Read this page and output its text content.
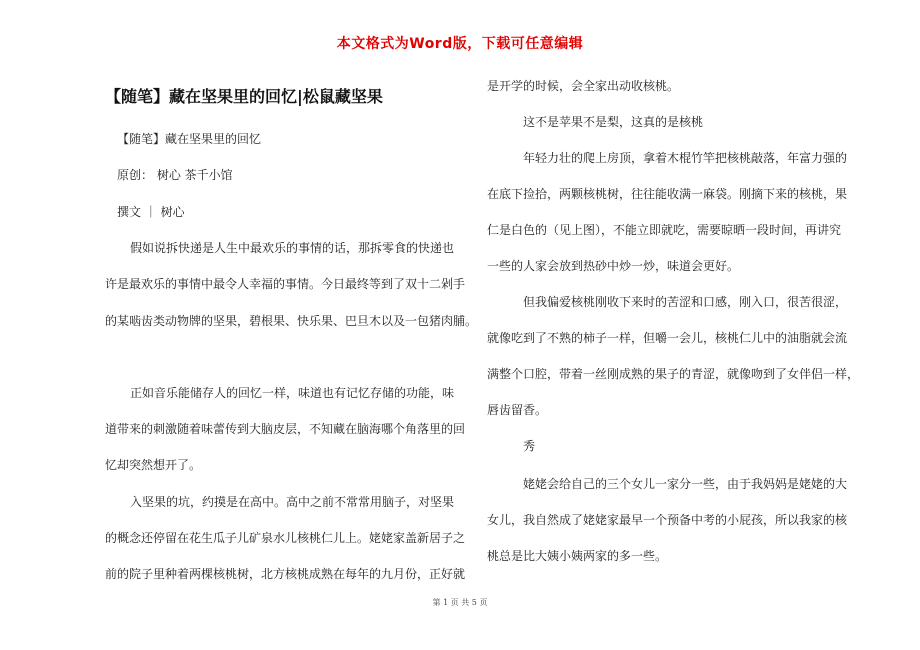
本文格式为Word版，下载可任意编辑
【随笔】藏在坚果里的回忆|松鼠藏坚果
【随笔】藏在坚果里的回忆
原创： 树心 茶千小馆
撰文 ｜ 树心
假如说拆快递是人生中最欢乐的事情的话，那拆零食的快递也
许是最欢乐的事情中最令人幸福的事情。今日最终等到了双十二剁手
的某啮齿类动物牌的坚果，碧根果、快乐果、巴旦木以及一包猪肉脯。
正如音乐能储存人的回忆一样，味道也有记忆存储的功能，味
道带来的刺激随着味蕾传到大脑皮层，不知藏在脑海哪个角落里的回
忆却突然想开了。
入坚果的坑，约摸是在高中。高中之前不常常用脑子，对坚果
的概念还停留在花生瓜子儿矿泉水儿核桃仁儿上。姥姥家盖新居子之
前的院子里种着两棵核桃树，北方核桃成熟在每年的九月份，正好就
是开学的时候，会全家出动收核桃。
这不是苹果不是梨，这真的是核桃
年轻力壮的爬上房顶，拿着木棍竹竿把核桃敲落，年富力强的
在底下捡拾，两颗核桃树，往往能收满一麻袋。刚摘下来的核桃，果
仁是白色的（见上图），不能立即就吃，需要晾晒一段时间，再讲究
一些的人家会放到热砂中炒一炒，味道会更好。
但我偏爱核桃刚收下来时的苦涩和口感，刚入口，很苦很涩，
就像吃到了不熟的柿子一样，但嚼一会儿，核桃仁儿中的油脂就会流
满整个口腔，带着一丝刚成熟的果子的青涩，就像吻到了女伴侣一样，
唇齿留香。
秀
姥姥会给自己的三个女儿一家分一些，由于我妈妈是姥姥的大
女儿，我自然成了姥姥家最早一个预备中考的小屁孩，所以我家的核
桃总是比大姨小姨两家的多一些。
第 1 页 共 5 页
